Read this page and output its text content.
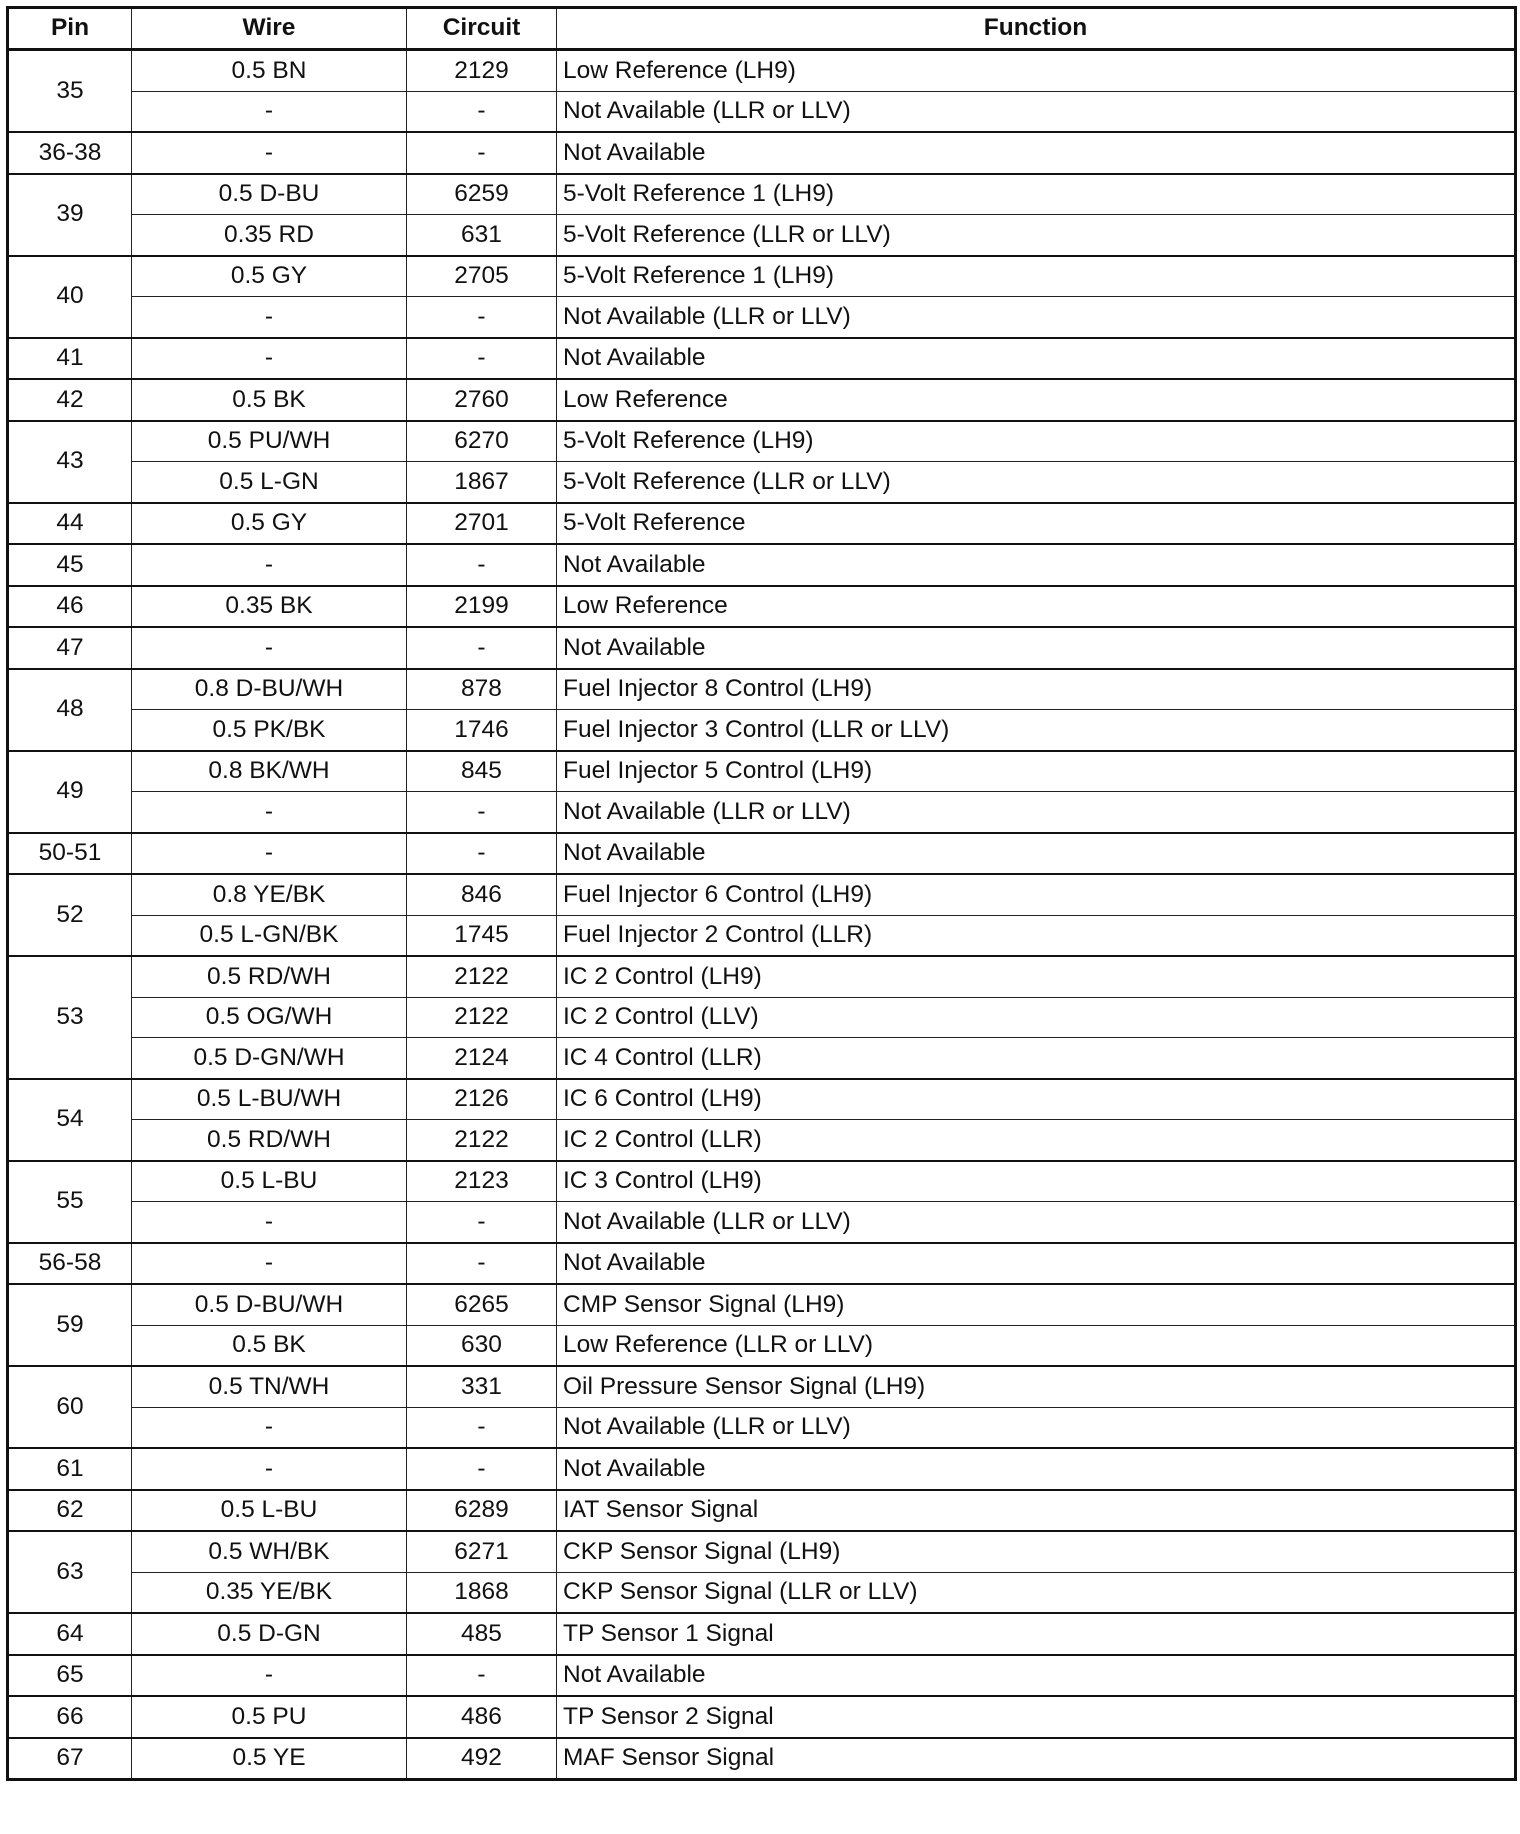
Pin	Wire	Circuit	Function
35	0.5 BN	2129	Low Reference (LH9)
	-	-	Not Available (LLR or LLV)
36-38	-	-	Not Available
39	0.5 D-BU	6259	5-Volt Reference 1 (LH9)
	0.35 RD	631	5-Volt Reference (LLR or LLV)
40	0.5 GY	2705	5-Volt Reference 1 (LH9)
	-	-	Not Available (LLR or LLV)
41	-	-	Not Available
42	0.5 BK	2760	Low Reference
43	0.5 PU/WH	6270	5-Volt Reference (LH9)
	0.5 L-GN	1867	5-Volt Reference (LLR or LLV)
44	0.5 GY	2701	5-Volt Reference
45	-	-	Not Available
46	0.35 BK	2199	Low Reference
47	-	-	Not Available
48	0.8 D-BU/WH	878	Fuel Injector 8 Control (LH9)
	0.5 PK/BK	1746	Fuel Injector 3 Control (LLR or LLV)
49	0.8 BK/WH	845	Fuel Injector 5 Control (LH9)
	-	-	Not Available (LLR or LLV)
50-51	-	-	Not Available
52	0.8 YE/BK	846	Fuel Injector 6 Control (LH9)
	0.5 L-GN/BK	1745	Fuel Injector 2 Control (LLR)
53	0.5 RD/WH	2122	IC 2 Control (LH9)
	0.5 OG/WH	2122	IC 2 Control (LLV)
	0.5 D-GN/WH	2124	IC 4 Control (LLR)
54	0.5 L-BU/WH	2126	IC 6 Control (LH9)
	0.5 RD/WH	2122	IC 2 Control (LLR)
55	0.5 L-BU	2123	IC 3 Control (LH9)
	-	-	Not Available (LLR or LLV)
56-58	-	-	Not Available
59	0.5 D-BU/WH	6265	CMP Sensor Signal (LH9)
	0.5 BK	630	Low Reference (LLR or LLV)
60	0.5 TN/WH	331	Oil Pressure Sensor Signal (LH9)
	-	-	Not Available (LLR or LLV)
61	-	-	Not Available
62	0.5 L-BU	6289	IAT Sensor Signal
63	0.5 WH/BK	6271	CKP Sensor Signal (LH9)
	0.35 YE/BK	1868	CKP Sensor Signal (LLR or LLV)
64	0.5 D-GN	485	TP Sensor 1 Signal
65	-	-	Not Available
66	0.5 PU	486	TP Sensor 2 Signal
67	0.5 YE	492	MAF Sensor Signal
